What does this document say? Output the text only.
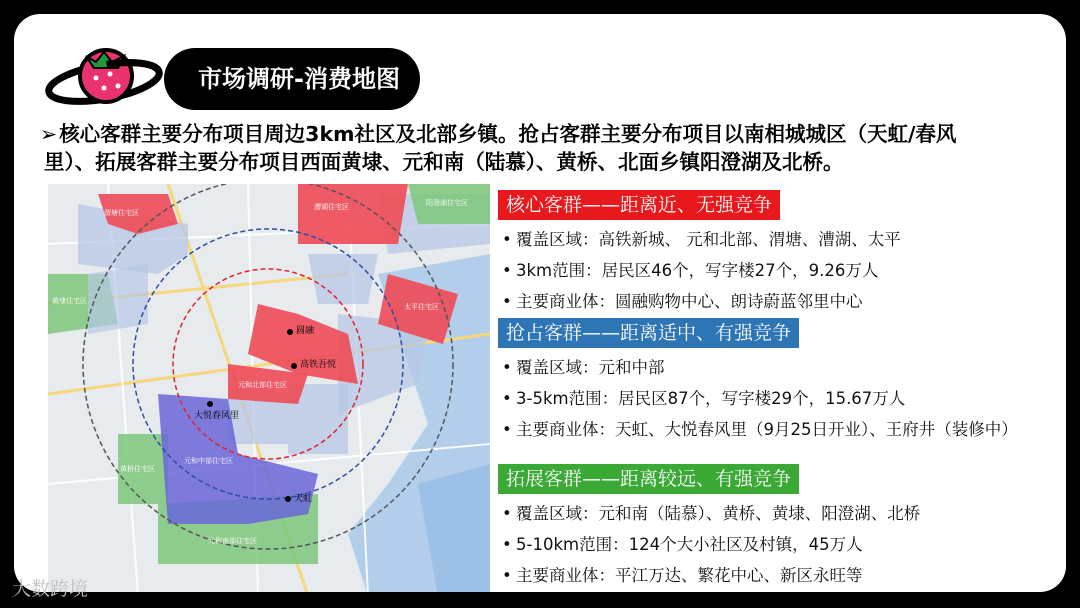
市场调研-消费地图
➢核心客群主要分布项目周边3km社区及北部乡镇。抢占客群主要分布项目以南相城城区（天虹/春风
里）、拓展客群主要分布项目西面黄埭、元和南（陆慕）、黄桥、北面乡镇阳澄湖及北桥。
圆融
高铁吾悦
大悦春风里
天虹
渭塘住宅区
漕湖住宅区	阳澄湖住宅区
太平住宅区
黄埭住宅区
元和中部住宅区
黄桥住宅区
元和南部住宅区
元和北部住宅区
核心客群——距离近、无强竞争
• 覆盖区域：高铁新城、 元和北部、渭塘、漕湖、太平
• 3km范围：居民区46个，写字楼27个，9.26万人
• 主要商业体：圆融购物中心、朗诗蔚蓝邻里中心
抢占客群——距离适中、有强竞争
• 覆盖区域：元和中部
• 3-5km范围：居民区87个，写字楼29个，15.67万人
• 主要商业体：天虹、大悦春风里（9月25日开业）、王府井（装修中）
拓展客群——距离较远、有强竞争
• 覆盖区域：元和南（陆慕）、黄桥、黄埭、阳澄湖、北桥
• 5-10km范围：124个大小社区及村镇，45万人
• 主要商业体：平江万达、繁花中心、新区永旺等
大数跨境
